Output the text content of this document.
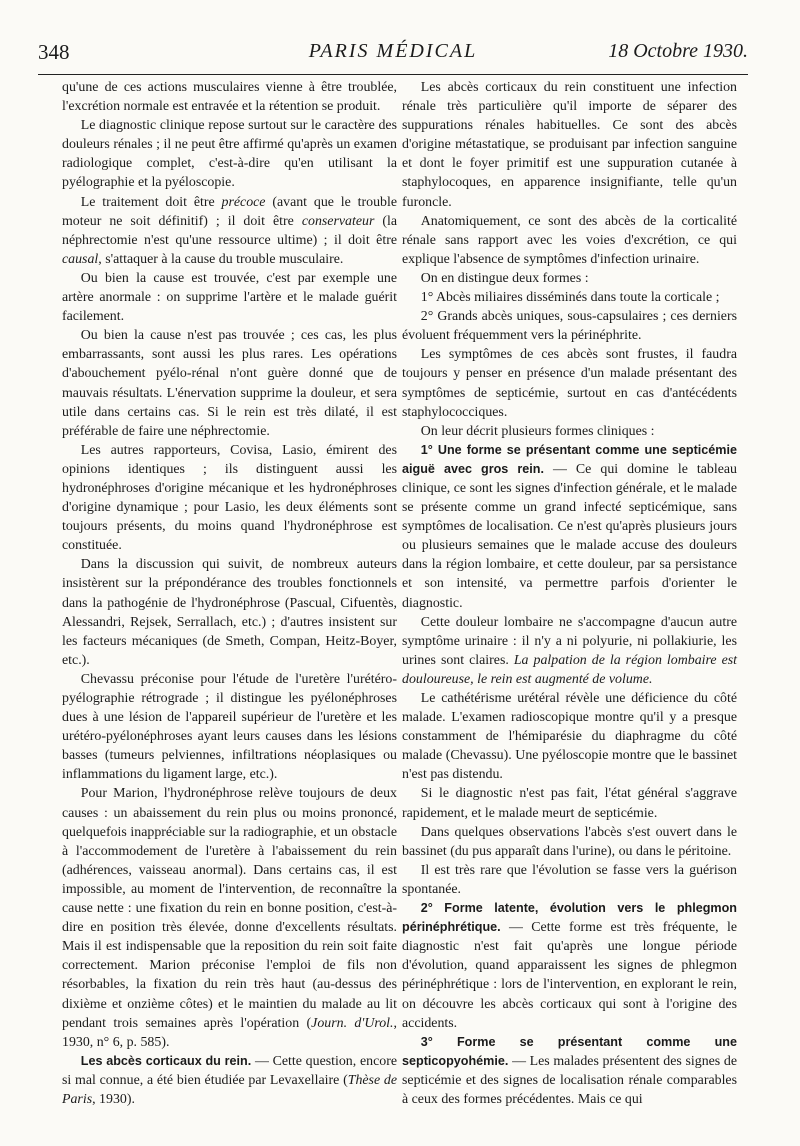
348	PARIS MÉDICAL	18 Octobre 1930.

qu'une de ces actions musculaires vienne à être troublée, l'excrétion normale est entravée et la rétention se produit.

Le diagnostic clinique repose surtout sur le caractère des douleurs rénales ; il ne peut être affirmé qu'après un examen radiologique complet, c'est-à-dire qu'en utilisant la pyélographie et la pyéloscopie.

Le traitement doit être précoce (avant que le trouble moteur ne soit définitif) ; il doit être conservateur (la néphrectomie n'est qu'une ressource ultime) ; il doit être causal, s'attaquer à la cause du trouble musculaire.

Ou bien la cause est trouvée, c'est par exemple une artère anormale : on supprime l'artère et le malade guérit facilement.

Ou bien la cause n'est pas trouvée ; ces cas, les plus embarrassants, sont aussi les plus rares. Les opérations d'abouchement pyélo-rénal n'ont guère donné que de mauvais résultats. L'énervation supprime la douleur, et sera utile dans certains cas. Si le rein est très dilaté, il est préférable de faire une néphrectomie.

Les autres rapporteurs, Covisa, Lasio, émirent des opinions identiques ; ils distinguent aussi les hydronéphroses d'origine mécanique et les hydronéphroses d'origine dynamique ; pour Lasio, les deux éléments sont toujours présents, du moins quand l'hydronéphrose est constituée.

Dans la discussion qui suivit, de nombreux auteurs insistèrent sur la prépondérance des troubles fonctionnels dans la pathogénie de l'hydronéphrose (Pascual, Cifuentès, Alessandri, Rejsek, Serrallach, etc.) ; d'autres insistent sur les facteurs mécaniques (de Smeth, Compan, Heitz-Boyer, etc.).

Chevassu préconise pour l'étude de l'uretère l'urétéro-pyélographie rétrograde ; il distingue les pyélonéphroses dues à une lésion de l'appareil supérieur de l'uretère et les urétéro-pyélonéphroses ayant leurs causes dans les lésions basses (tumeurs pelviennes, infiltrations néoplasiques ou inflammations du ligament large, etc.).

Pour Marion, l'hydronéphrose relève toujours de deux causes : un abaissement du rein plus ou moins prononcé, quelquefois inappréciable sur la radiographie, et un obstacle à l'accommodement de l'uretère à l'abaissement du rein (adhérences, vaisseau anormal). Dans certains cas, il est impossible, au moment de l'intervention, de reconnaître la cause nette : une fixation du rein en bonne position, c'est-à-dire en position très élevée, donne d'excellents résultats. Mais il est indispensable que la reposition du rein soit faite correctement. Marion préconise l'emploi de fils non résorbables, la fixation du rein très haut (au-dessus des dixième et onzième côtes) et le maintien du malade au lit pendant trois semaines après l'opération (Journ. d'Urol., 1930, n° 6, p. 585).

Les abcès corticaux du rein. — Cette question, encore si mal connue, a été bien étudiée par Levaxellaire (Thèse de Paris, 1930).

Les abcès corticaux du rein constituent une infection rénale très particulière qu'il importe de séparer des suppurations rénales habituelles. Ce sont des abcès d'origine métastatique, se produisant par infection sanguine et dont le foyer primitif est une suppuration cutanée à staphylocoques, en apparence insignifiante, telle qu'un furoncle.

Anatomiquement, ce sont des abcès de la corticalité rénale sans rapport avec les voies d'excrétion, ce qui explique l'absence de symptômes d'infection urinaire.

On en distingue deux formes :

1° Abcès miliaires disséminés dans toute la corticale ;

2° Grands abcès uniques, sous-capsulaires ; ces derniers évoluent fréquemment vers la périnéphrite.

Les symptômes de ces abcès sont frustes, il faudra toujours y penser en présence d'un malade présentant des symptômes de septicémie, surtout en cas d'antécédents staphylococciques.

On leur décrit plusieurs formes cliniques :

1° Une forme se présentant comme une septicémie aiguë avec gros rein. — Ce qui domine le tableau clinique, ce sont les signes d'infection générale, et le malade se présente comme un grand infecté septicémique, sans symptômes de localisation. Ce n'est qu'après plusieurs jours ou plusieurs semaines que le malade accuse des douleurs dans la région lombaire, et cette douleur, par sa persistance et son intensité, va permettre parfois d'orienter le diagnostic.

Cette douleur lombaire ne s'accompagne d'aucun autre symptôme urinaire : il n'y a ni polyurie, ni pollakiurie, les urines sont claires. La palpation de la région lombaire est douloureuse, le rein est augmenté de volume.

Le cathétérisme urétéral révèle une déficience du côté malade. L'examen radioscopique montre qu'il y a presque constamment de l'hémiparésie du diaphragme du côté malade (Chevassu). Une pyéloscopie montre que le bassinet n'est pas distendu.

Si le diagnostic n'est pas fait, l'état général s'aggrave rapidement, et le malade meurt de septicémie.

Dans quelques observations l'abcès s'est ouvert dans le bassinet (du pus apparaît dans l'urine), ou dans le péritoine.

Il est très rare que l'évolution se fasse vers la guérison spontanée.

2° Forme latente, évolution vers le phlegmon périnéphrétique. — Cette forme est très fréquente, le diagnostic n'est fait qu'après une longue période d'évolution, quand apparaissent les signes de phlegmon périnéphrétique : lors de l'intervention, en explorant le rein, on découvre les abcès corticaux qui sont à l'origine des accidents.

3° Forme se présentant comme une septicopyohémie. — Les malades présentent des signes de septicémie et des signes de localisation rénale comparables à ceux des formes précédentes. Mais ce qui
